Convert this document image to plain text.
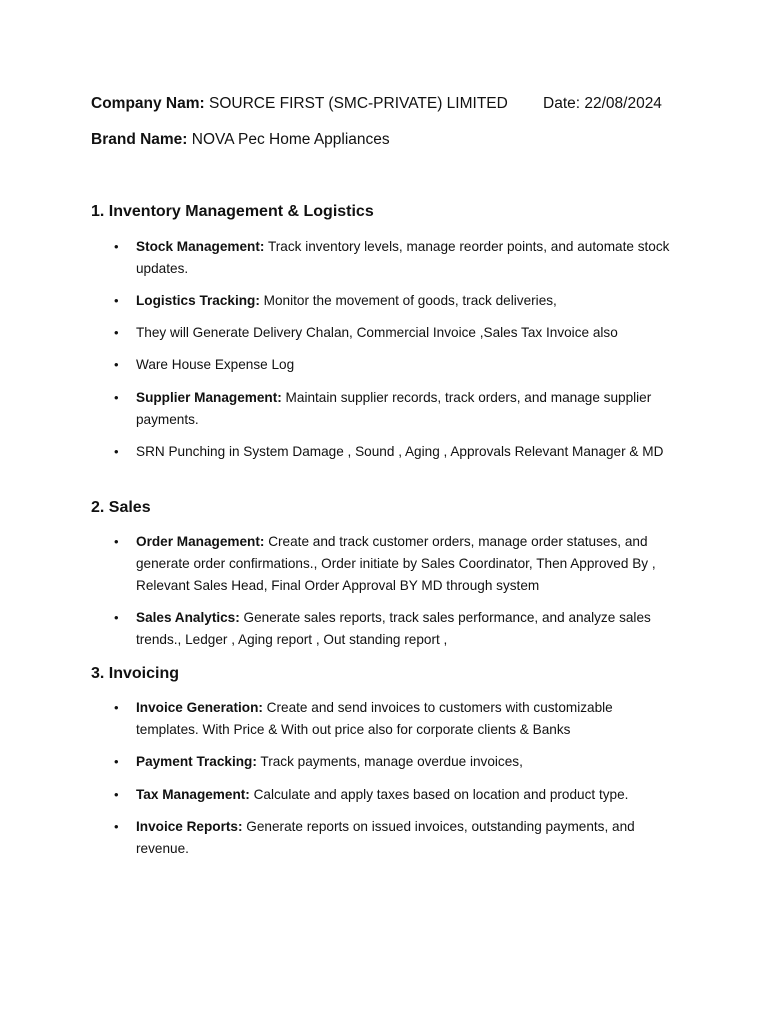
Company Nam: SOURCE FIRST (SMC-PRIVATE) LIMITED Date: 22/08/2024
Brand Name: NOVA Pec Home Appliances
1. Inventory Management & Logistics
• Stock Management: Track inventory levels, manage reorder points, and automate stock updates.
• Logistics Tracking: Monitor the movement of goods, track deliveries,
• They will Generate Delivery Chalan, Commercial Invoice ,Sales Tax Invoice also
• Ware House Expense Log
• Supplier Management: Maintain supplier records, track orders, and manage supplier payments.
• SRN Punching in System Damage , Sound , Aging , Approvals Relevant Manager & MD
2. Sales
• Order Management: Create and track customer orders, manage order statuses, and generate order confirmations., Order initiate by Sales Coordinator, Then Approved By , Relevant Sales Head, Final Order Approval BY MD through system
• Sales Analytics: Generate sales reports, track sales performance, and analyze sales trends., Ledger , Aging report , Out standing report ,
3. Invoicing
• Invoice Generation: Create and send invoices to customers with customizable templates. With Price & With out price also for corporate clients & Banks
• Payment Tracking: Track payments, manage overdue invoices,
• Tax Management: Calculate and apply taxes based on location and product type.
• Invoice Reports: Generate reports on issued invoices, outstanding payments, and revenue.
